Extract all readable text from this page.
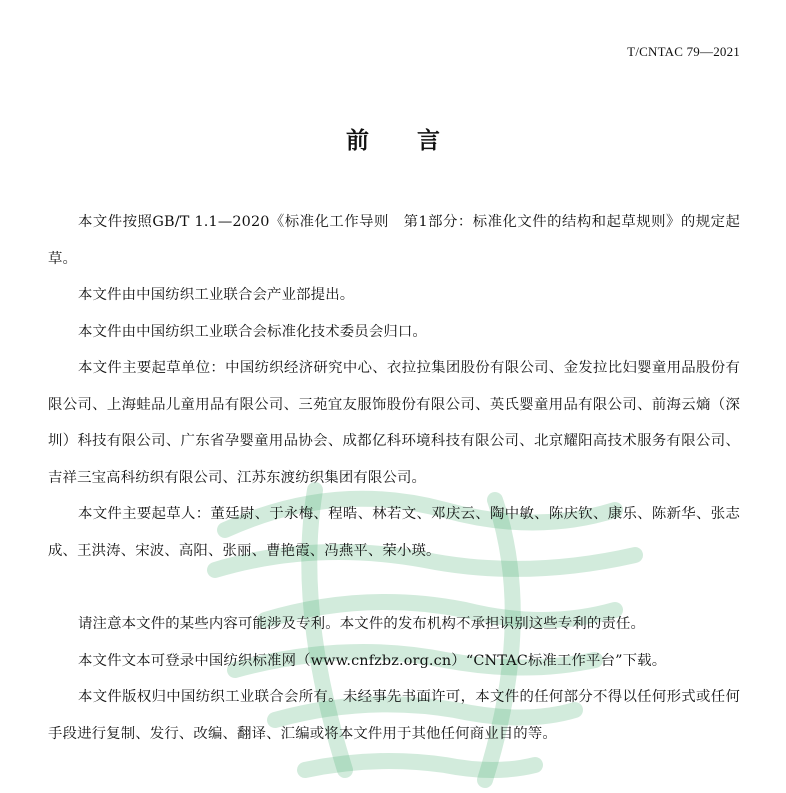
T/CNTAC 79—2021
前言

本文件按照GB/T 1.1—2020《标准化工作导则　第1部分：标准化文件的结构和起草规则》的规定起草。

本文件由中国纺织工业联合会产业部提出。

本文件由中国纺织工业联合会标准化技术委员会归口。

本文件主要起草单位：中国纺织经济研究中心、衣拉拉集团股份有限公司、金发拉比妇婴童用品股份有限公司、上海蛙品儿童用品有限公司、三苑宜友服饰股份有限公司、英氏婴童用品有限公司、前海云熵（深圳）科技有限公司、广东省孕婴童用品协会、成都亿科环境科技有限公司、北京耀阳高技术服务有限公司、吉祥三宝高科纺织有限公司、江苏东渡纺织集团有限公司。

本文件主要起草人：董廷尉、于永梅、程晧、林若文、邓庆云、陶中敏、陈庆钦、康乐、陈新华、张志成、王洪涛、宋波、高阳、张丽、曹艳霞、冯燕平、荣小瑛。

请注意本文件的某些内容可能涉及专利。本文件的发布机构不承担识别这些专利的责任。

本文件文本可登录中国纺织标准网（www.cnfzbz.org.cn）“CNTAC标准工作平台”下载。

本文件版权归中国纺织工业联合会所有。未经事先书面许可，本文件的任何部分不得以任何形式或任何手段进行复制、发行、改编、翻译、汇编或将本文件用于其他任何商业目的等。
